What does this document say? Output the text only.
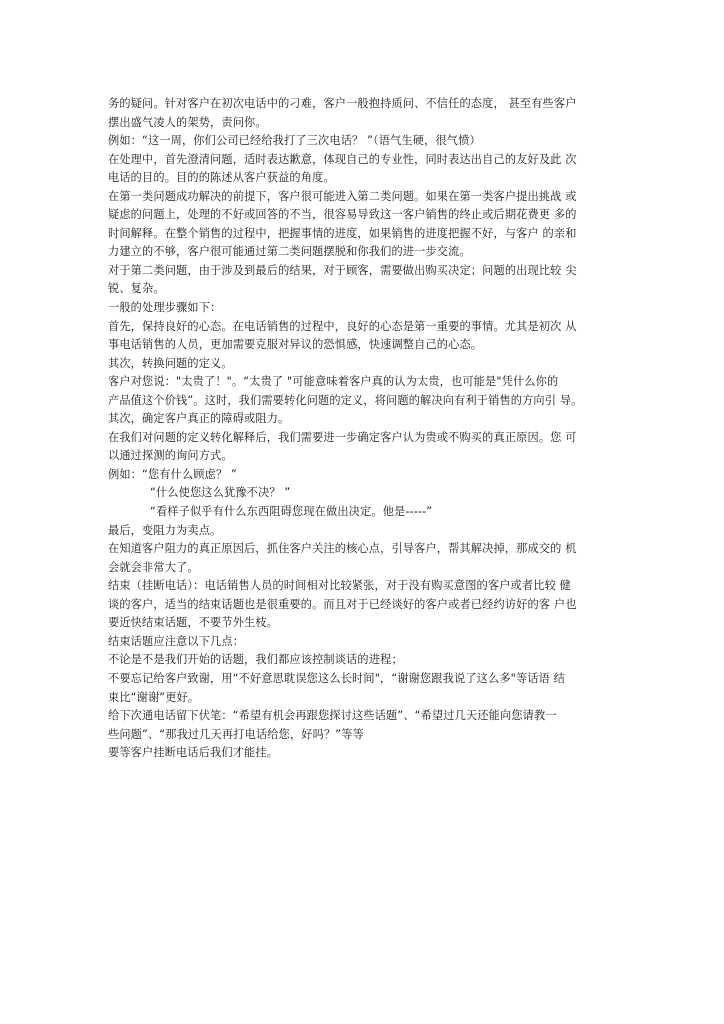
务的疑问。针对客户在初次电话中的刁难，客户一般抱持质问、不信任的态度， 甚至有些客户
摆出盛气凌人的架势，责问你。
例如：“这一周，你们公司已经给我打了三次电话？ ”（语气生硬，很气愤）
在处理中，首先澄清问题，适时表达歉意，体现自己的专业性，同时表达出自己的友好及此 次
电话的目的。目的的陈述从客户获益的角度。
在第一类问题成功解决的前提下，客户很可能进入第二类问题。如果在第一类客户提出挑战 或
疑虑的问题上，处理的不好或回答的不当，很容易导致这一客户销售的终止或后期花费更 多的
时间解释。在整个销售的过程中，把握事情的进度，如果销售的进度把握不好，与客户 的亲和
力建立的不够，客户很可能通过第二类问题摆脱和你我们的进一步交流。
对于第二类问题，由于涉及到最后的结果，对于顾客，需要做出购买决定；问题的出现比较 尖
锐、复杂。
一般的处理步骤如下：
首先，保持良好的心态。在电话销售的过程中，良好的心态是第一重要的事情。尤其是初次 从
事电话销售的人员，更加需要克服对异议的恐惧感，快速调整自己的心态。
其次，转换问题的定义。
客户对您说："太贵了！"。“太贵了 "可能意味着客户真的认为太贵，也可能是"凭什么你的
产品值这个价钱”。这时，我们需要转化问题的定义，将问题的解决向有利于销售的方向引 导。
其次，确定客户真正的障碍或阻力。
在我们对问题的定义转化解释后，我们需要进一步确定客户认为贵或不购买的真正原因。您 可
以通过探测的询问方式。
例如：“您有什么顾虑？ ”
“什么使您这么犹豫不决？ ”
“看样子似乎有什么东西阻碍您现在做出决定。他是-----”
最后，变阻力为卖点。
在知道客户阻力的真正原因后，抓住客户关注的核心点，引导客户，帮其解决掉，那成交的 机
会就会非常大了。
结束（挂断电话）：电话销售人员的时间相对比较紧张，对于没有购买意图的客户或者比较 健
谈的客户，适当的结束话题也是很重要的。而且对于已经谈好的客户或者已经约访好的客 户也
要近快结束话题，不要节外生枝。
结束话题应注意以下几点：
不论是不是我们开始的话题，我们都应该控制谈话的进程；
不要忘记给客户致谢，用“不好意思耽误您这么长时间"，“谢谢您跟我说了这么多"等话语 结
束比“谢谢”更好。
给下次通电话留下伏笔：“希望有机会再跟您探讨这些话题”、“希望过几天还能向您请教一
些问题”、“那我过几天再打电话给您，好吗？”等等
要等客户挂断电话后我们才能挂。
